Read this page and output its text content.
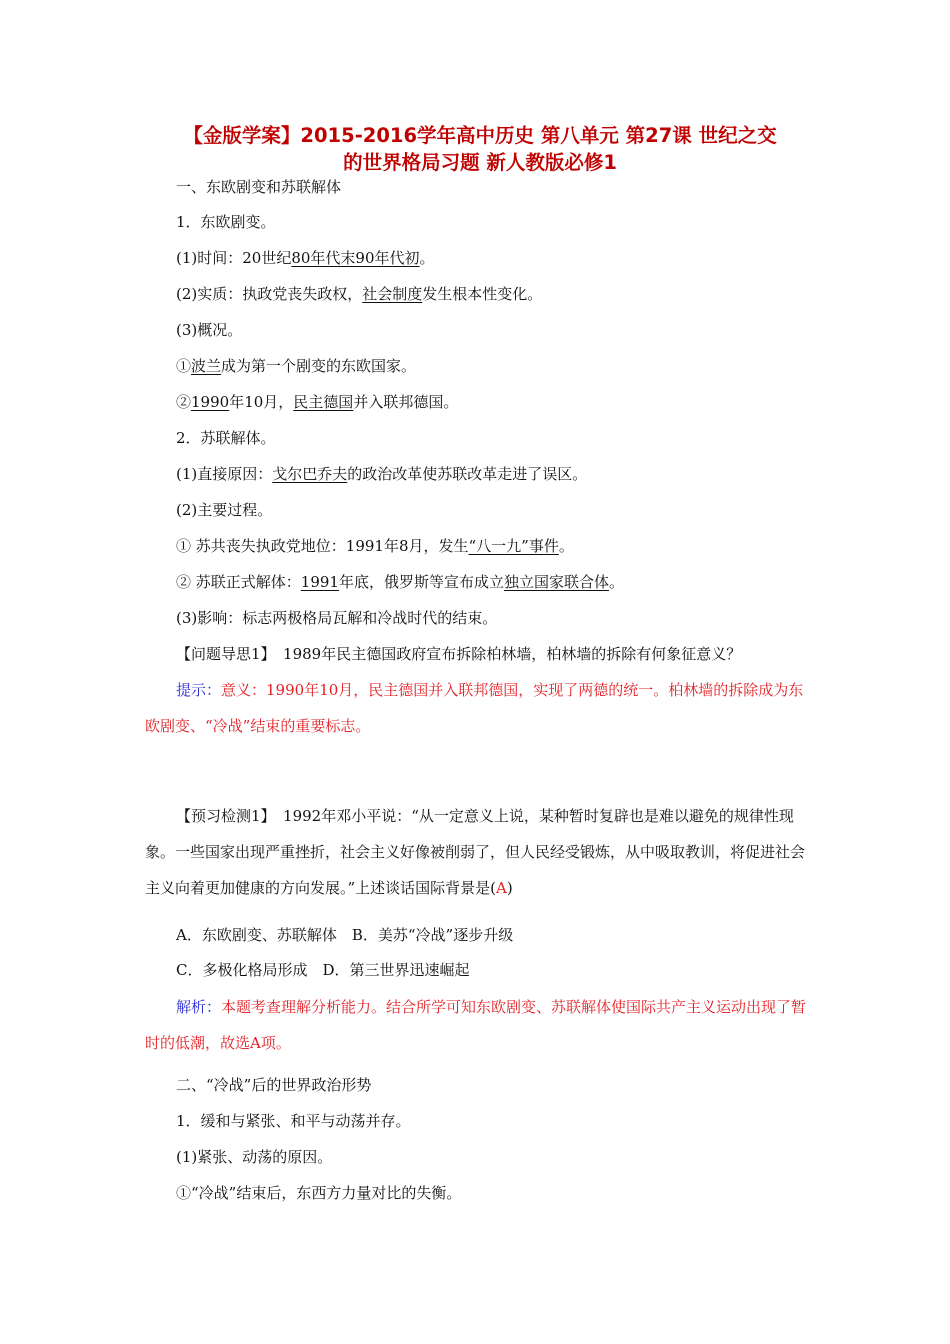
【金版学案】2015-2016学年高中历史 第八单元 第27课 世纪之交
的世界格局习题 新人教版必修1
一、东欧剧变和苏联解体
1．东欧剧变。
(1)时间：20世纪80年代末90年代初。
(2)实质：执政党丧失政权，社会制度发生根本性变化。
(3)概况。
①波兰成为第一个剧变的东欧国家。
②1990年10月，民主德国并入联邦德国。
2．苏联解体。
(1)直接原因：戈尔巴乔夫的政治改革使苏联改革走进了误区。
(2)主要过程。
① 苏共丧失执政党地位：1991年8月，发生“八一九”事件。
② 苏联正式解体：1991年底，俄罗斯等宣布成立独立国家联合体。
(3)影响：标志两极格局瓦解和冷战时代的结束。
【问题导思1】　1989年民主德国政府宣布拆除柏林墙，柏林墙的拆除有何象征意义？
提示：意义：1990年10月，民主德国并入联邦德国，实现了两德的统一。柏林墙的拆除成为东欧剧变、“冷战”结束的重要标志。
【预习检测1】　1992年邓小平说：“从一定意义上说，某种暂时复辟也是难以避免的规律性现象。一些国家出现严重挫折，社会主义好像被削弱了，但人民经受锻炼，从中吸取教训，将促进社会主义向着更加健康的方向发展。”上述谈话国际背景是(A)
A．东欧剧变、苏联解体　B．美苏“冷战”逐步升级
C．多极化格局形成　D．第三世界迅速崛起
解析：本题考查理解分析能力。结合所学可知东欧剧变、苏联解体使国际共产主义运动出现了暂时的低潮，故选A项。
二、“冷战”后的世界政治形势
1．缓和与紧张、和平与动荡并存。
(1)紧张、动荡的原因。
①“冷战”结束后，东西方力量对比的失衡。
